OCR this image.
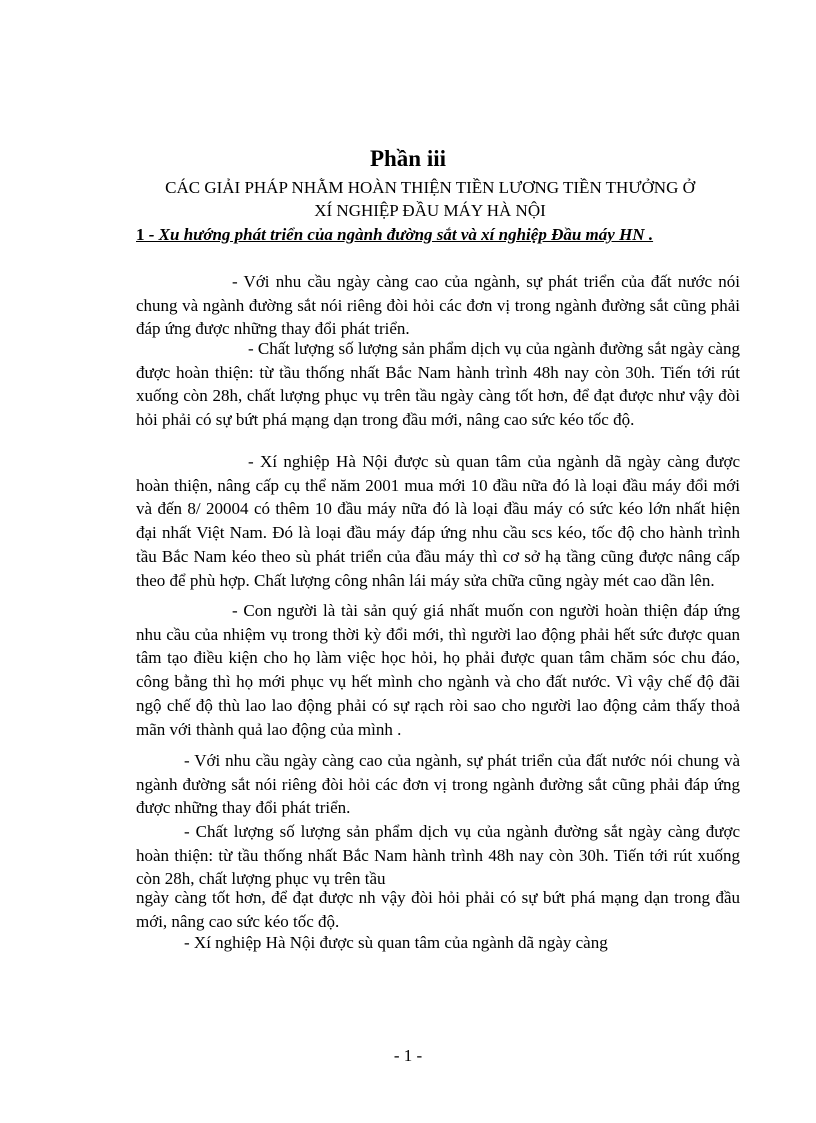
Phần iii
CÁC GIẢI PHÁP NHẰM HOÀN THIỆN TIỀN LƯƠNG TIỀN THƯỞNG Ở
XÍ NGHIỆP ĐẦU MÁY HÀ NỘI
1 - Xu hướng phát triển của ngành đường sắt và xí nghiệp Đầu máy HN .

- Với nhu cầu ngày càng cao của ngành, sự phát triển của đất nước nói chung và ngành đường sắt nói riêng đòi hỏi các đơn vị trong ngành đường sắt cũng phải đáp ứng được những thay đổi phát triển.

- Chất lượng số lượng sản phẩm dịch vụ của ngành đường sắt ngày càng được hoàn thiện: từ tầu thống nhất Bắc Nam hành trình 48h nay còn 30h. Tiến tới rút xuống còn 28h, chất lượng phục vụ trên tầu ngày càng tốt hơn, để đạt được như vậy đòi hỏi phải có sự bứt phá mạng dạn trong đầu mới, nâng cao sức kéo tốc độ.

- Xí nghiệp Hà Nội được sù quan tâm của ngành dã ngày càng được hoàn thiện, nâng cấp cụ thể năm 2001 mua mới 10 đầu nữa đó là loại đầu máy đổi mới và đến 8/ 20004 có thêm 10 đầu máy nữa đó là loại đầu máy có sức kéo lớn nhất hiện đại nhất Việt Nam. Đó là loại đầu máy đáp ứng nhu cầu scs kéo, tốc độ cho hành trình tầu Bắc Nam kéo theo sù phát triển của đầu máy thì cơ sở hạ tầng cũng được nâng cấp theo để phù hợp. Chất lượng công nhân lái máy sửa chữa cũng ngày mét cao dần lên.

- Con người là tài sản quý giá nhất muốn con người hoàn thiện đáp ứng nhu cầu của nhiệm vụ trong thời kỳ đổi mới, thì người lao động phải hết sức được quan tâm tạo điều kiện cho họ làm việc học hỏi, họ phải được quan tâm chăm sóc chu đáo, công bằng thì họ mới phục vụ hết mình cho ngành và cho đất nước. Vì vậy chế độ đãi ngộ chế độ thù lao lao động phải có sự rạch ròi sao cho người lao động cảm thấy thoả mãn với thành quả lao động của mình .

- Với nhu cầu ngày càng cao của ngành, sự phát triển của đất nước nói chung và ngành đường sắt nói riêng đòi hỏi các đơn vị trong ngành đường sắt cũng phải đáp ứng được những thay đổi phát triển.

- Chất lượng số lượng sản phẩm dịch vụ của ngành đường sắt ngày càng được hoàn thiện: từ tầu thống nhất Bắc Nam hành trình 48h nay còn 30h. Tiến tới rút xuống còn 28h, chất lượng phục vụ trên tầu

ngày càng tốt hơn, để đạt được nh vậy đòi hỏi phải có sự bứt phá mạng dạn trong đầu mới, nâng cao sức kéo tốc độ.

- Xí nghiệp Hà Nội được sù quan tâm của ngành dã ngày càng
- 1 -
